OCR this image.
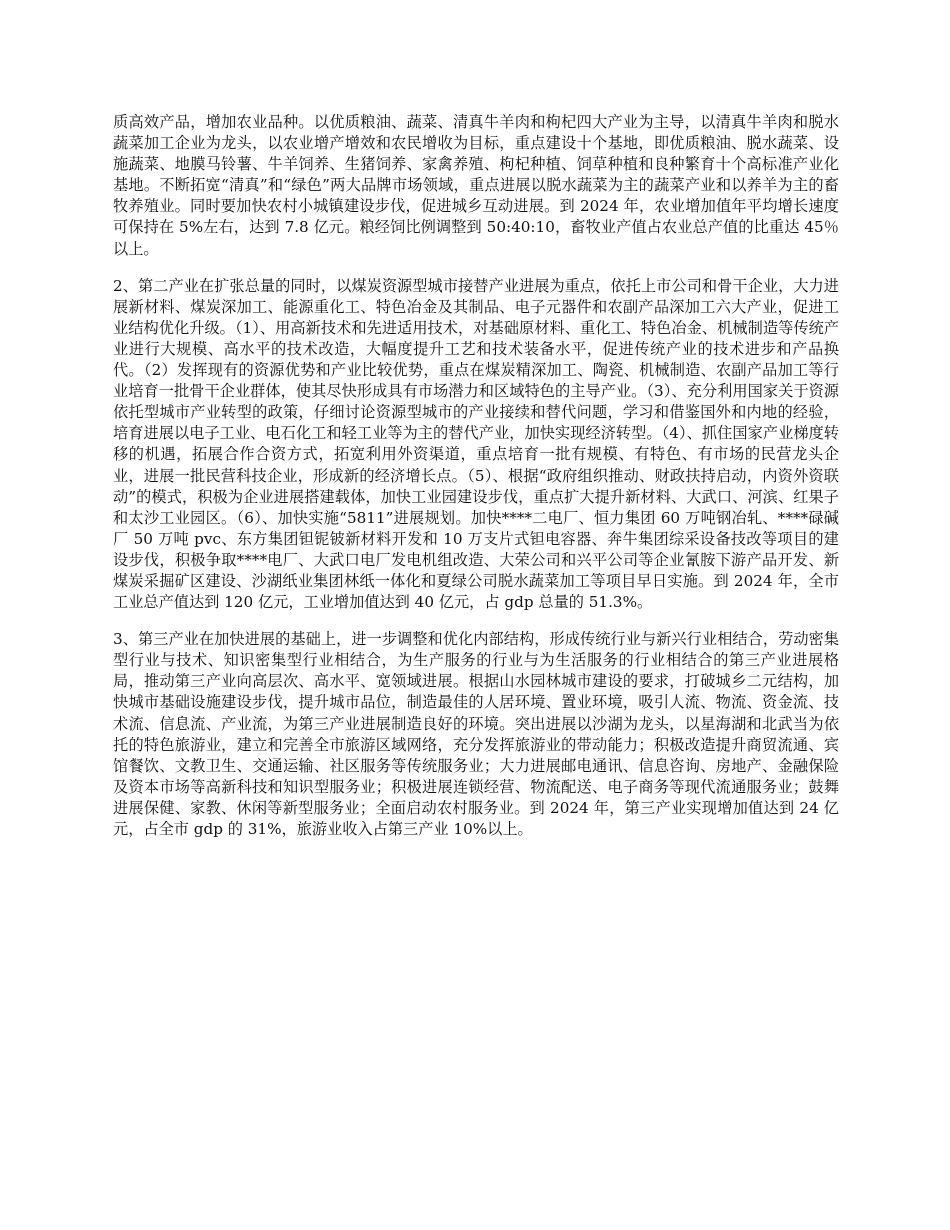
质高效产品，增加农业品种。以优质粮油、蔬菜、清真牛羊肉和枸杞四大产业为主导，以清真牛羊肉和脱水蔬菜加工企业为龙头，以农业增产增效和农民增收为目标，重点建设十个基地，即优质粮油、脱水蔬菜、设施蔬菜、地膜马铃薯、牛羊饲养、生猪饲养、家禽养殖、枸杞种植、饲草种植和良种繁育十个高标准产业化基地。不断拓宽“清真”和“绿色”两大品牌市场领域，重点进展以脱水蔬菜为主的蔬菜产业和以养羊为主的畜牧养殖业。同时要加快农村小城镇建设步伐，促进城乡互动进展。到 2024 年，农业增加值年平均增长速度可保持在 5%左右，达到 7.8 亿元。粮经饲比例调整到 50:40:10，畜牧业产值占农业总产值的比重达 45％以上。

2、第二产业在扩张总量的同时，以煤炭资源型城市接替产业进展为重点，依托上市公司和骨干企业，大力进展新材料、煤炭深加工、能源重化工、特色冶金及其制品、电子元器件和农副产品深加工六大产业，促进工业结构优化升级。（1）、用高新技术和先进适用技术，对基础原材料、重化工、特色冶金、机械制造等传统产业进行大规模、高水平的技术改造，大幅度提升工艺和技术装备水平，促进传统产业的技术进步和产品换代。（2）发挥现有的资源优势和产业比较优势，重点在煤炭精深加工、陶瓷、机械制造、农副产品加工等行业培育一批骨干企业群体，使其尽快形成具有市场潜力和区域特色的主导产业。（3）、充分利用国家关于资源依托型城市产业转型的政策，仔细讨论资源型城市的产业接续和替代问题，学习和借鉴国外和内地的经验，培育进展以电子工业、电石化工和轻工业等为主的替代产业，加快实现经济转型。（4）、抓住国家产业梯度转移的机遇，拓展合作合资方式，拓宽利用外资渠道，重点培育一批有规模、有特色、有市场的民营龙头企业，进展一批民营科技企业，形成新的经济增长点。（5）、根据“政府组织推动、财政扶持启动，内资外资联动”的模式，积极为企业进展搭建载体，加快工业园建设步伐，重点扩大提升新材料、大武口、河滨、红果子和太沙工业园区。（6）、加快实施“5811”进展规划。加快****二电厂、恒力集团 60 万吨钢冶轧、****碌碱厂 50 万吨 pvc、东方集团钽铌铍新材料开发和 10 万支片式钽电容器、奔牛集团综采设备技改等项目的建设步伐，积极争取****电厂、大武口电厂发电机组改造、大荣公司和兴平公司等企业氰胺下游产品开发、新煤炭采掘矿区建设、沙湖纸业集团林纸一体化和夏绿公司脱水蔬菜加工等项目早日实施。到 2024 年，全市工业总产值达到 120 亿元，工业增加值达到 40 亿元，占 gdp 总量的 51.3%。

3、第三产业在加快进展的基础上，进一步调整和优化内部结构，形成传统行业与新兴行业相结合，劳动密集型行业与技术、知识密集型行业相结合，为生产服务的行业与为生活服务的行业相结合的第三产业进展格局，推动第三产业向高层次、高水平、宽领域进展。根据山水园林城市建设的要求，打破城乡二元结构，加快城市基础设施建设步伐，提升城市品位，制造最佳的人居环境、置业环境，吸引人流、物流、资金流、技术流、信息流、产业流，为第三产业进展制造良好的环境。突出进展以沙湖为龙头，以星海湖和北武当为依托的特色旅游业，建立和完善全市旅游区域网络，充分发挥旅游业的带动能力；积极改造提升商贸流通、宾馆餐饮、文教卫生、交通运输、社区服务等传统服务业；大力进展邮电通讯、信息咨询、房地产、金融保险及资本市场等高新科技和知识型服务业；积极进展连锁经营、物流配送、电子商务等现代流通服务业；鼓舞进展保健、家教、休闲等新型服务业；全面启动农村服务业。到 2024 年，第三产业实现增加值达到 24 亿元，占全市 gdp 的 31%，旅游业收入占第三产业 10%以上。
